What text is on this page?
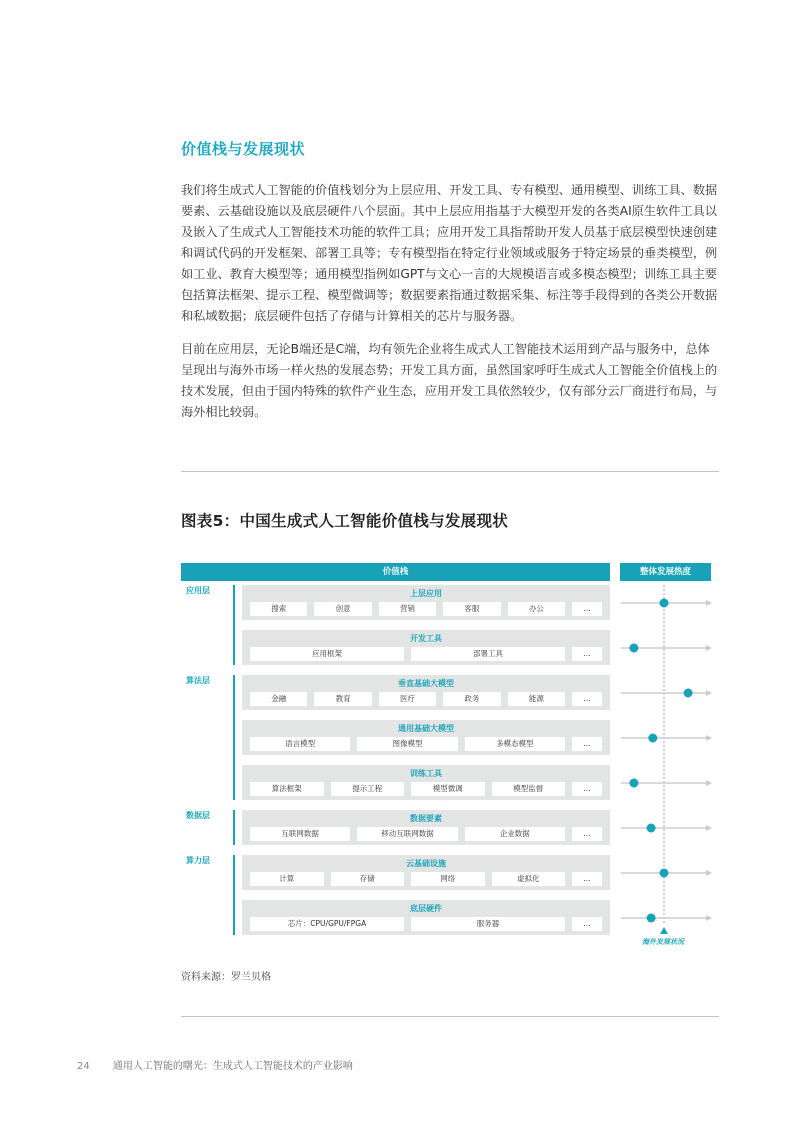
价值栈与发展现状

我们将生成式人工智能的价值栈划分为上层应用、开发工具、专有模型、通用模型、训练工具、数据要素、云基础设施以及底层硬件八个层面。其中上层应用指基于大模型开发的各类AI原生软件工具以及嵌入了生成式人工智能技术功能的软件工具；应用开发工具指帮助开发人员基于底层模型快速创建和调试代码的开发框架、部署工具等；专有模型指在特定行业领域或服务于特定场景的垂类模型，例如工业、教育大模型等；通用模型指例如GPT与文心一言的大规模语言或多模态模型；训练工具主要包括算法框架、提示工程、模型微调等；数据要素指通过数据采集、标注等手段得到的各类公开数据和私域数据；底层硬件包括了存储与计算相关的芯片与服务器。

目前在应用层，无论B端还是C端，均有领先企业将生成式人工智能技术运用到产品与服务中，总体呈现出与海外市场一样火热的发展态势；开发工具方面，虽然国家呼吁生成式人工智能全价值栈上的技术发展，但由于国内特殊的软件产业生态，应用开发工具依然较少，仅有部分云厂商进行布局，与海外相比较弱。

图表5：中国生成式人工智能价值栈与发展现状
价值栈	整体发展热度
应用层
算法层
数据层
算力层
上层应用
搜索	创意	营销	客服	办公	...
开发工具
应用框架	部署工具	...
垂直基础大模型
金融	教育	医疗	政务	能源	...
通用基础大模型
语言模型	图像模型	多模态模型	...
训练工具
算法框架	提示工程	模型微调	模型监督	...
数据要素
互联网数据	移动互联网数据	企业数据	...
云基础设施
计算	存储	网络	虚拟化	...
底层硬件
芯片：CPU/GPU/FPGA	服务器	...
海外发展状况
资料来源：罗兰贝格
24 通用人工智能的曙光：生成式人工智能技术的产业影响
